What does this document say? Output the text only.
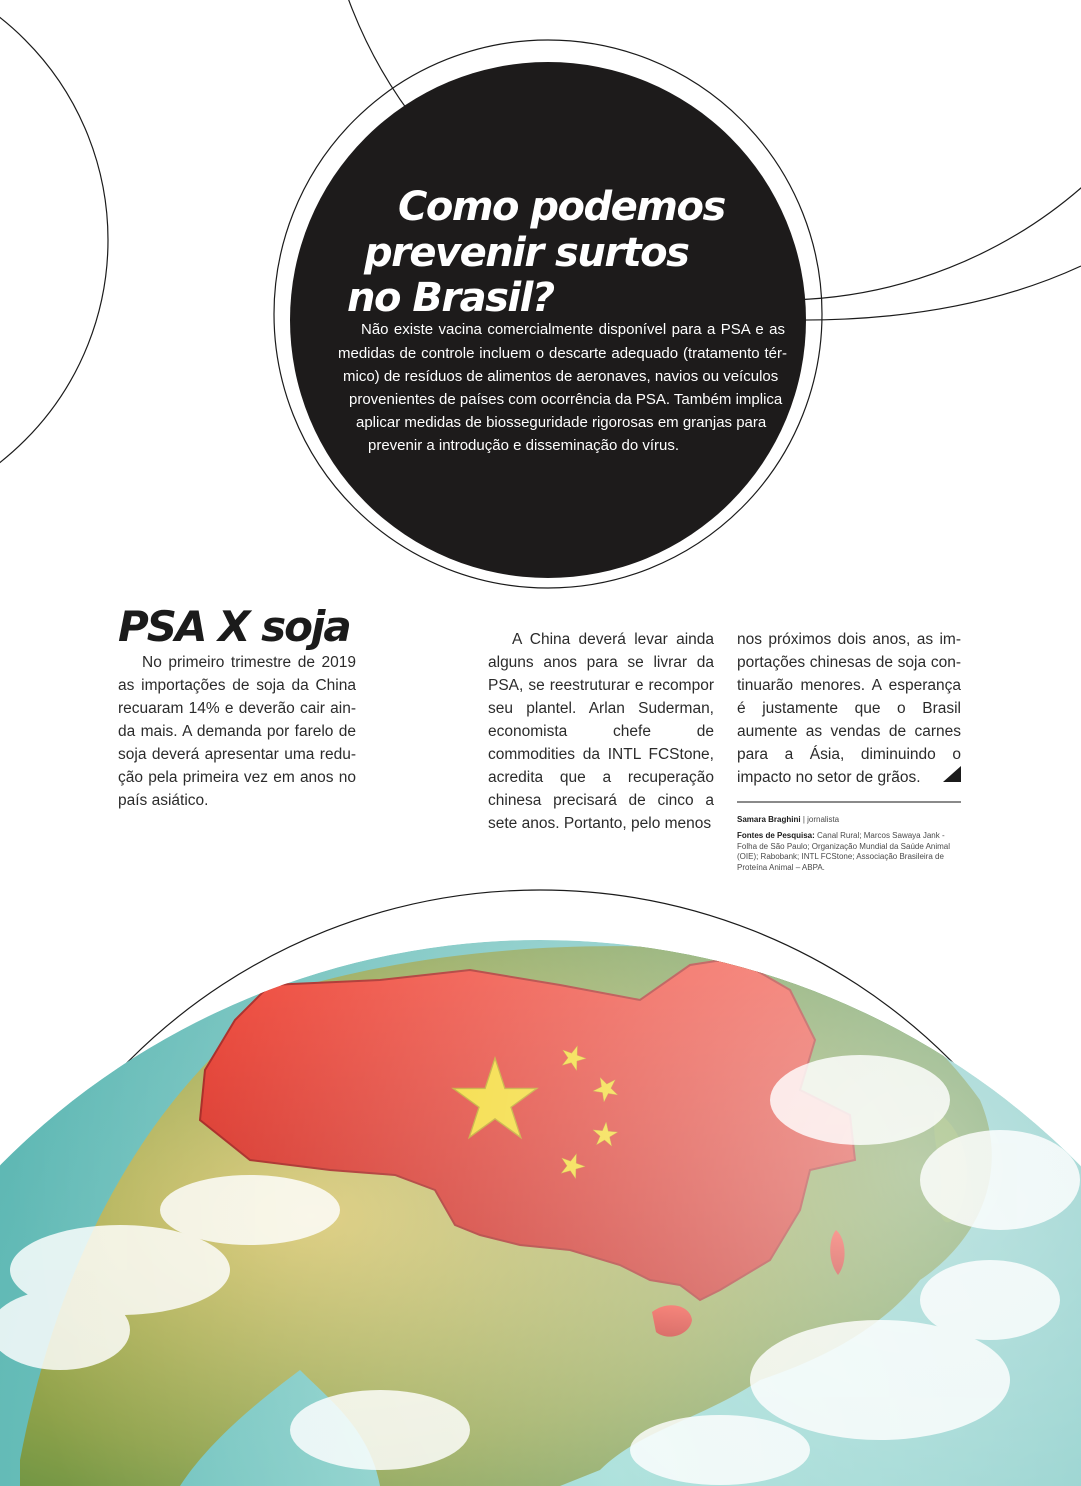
Como podemos
prevenir surtos
no Brasil?
Não existe vacina comercialmente disponível para a PSA e as
medidas de controle incluem o descarte adequado (tratamento tér-
mico) de resíduos de alimentos de aeronaves, navios ou veículos
provenientes de países com ocorrência da PSA. Também implica
aplicar medidas de biosseguridade rigorosas em granjas para
prevenir a introdução e disseminação do vírus.
PSA X soja

No primeiro trimestre de 2019 as importações de soja da China recuaram 14% e deverão cair ainda mais. A demanda por farelo de soja deverá apresentar uma redução pela primeira vez em anos no país asiático.

A China deverá levar ainda alguns anos para se livrar da PSA, se reestruturar e recompor seu plantel. Arlan Suderman, economista chefe de commodities da INTL FCStone, acredita que a recuperação chinesa precisará de cinco a sete anos. Portanto, pelo menos

nos próximos dois anos, as importações chinesas de soja continuarão menores. A esperança é justamente que o Brasil aumente as vendas de carnes para a Ásia, diminuindo o impacto no setor de grãos.

Samara Braghini | jornalista

Fontes de Pesquisa: Canal Rural; Marcos Sawaya Jank - Folha de São Paulo; Organização Mundial da Saúde Animal (OIE); Rabobank; INTL FCStone; Associação Brasileira de Proteína Animal – ABPA.
